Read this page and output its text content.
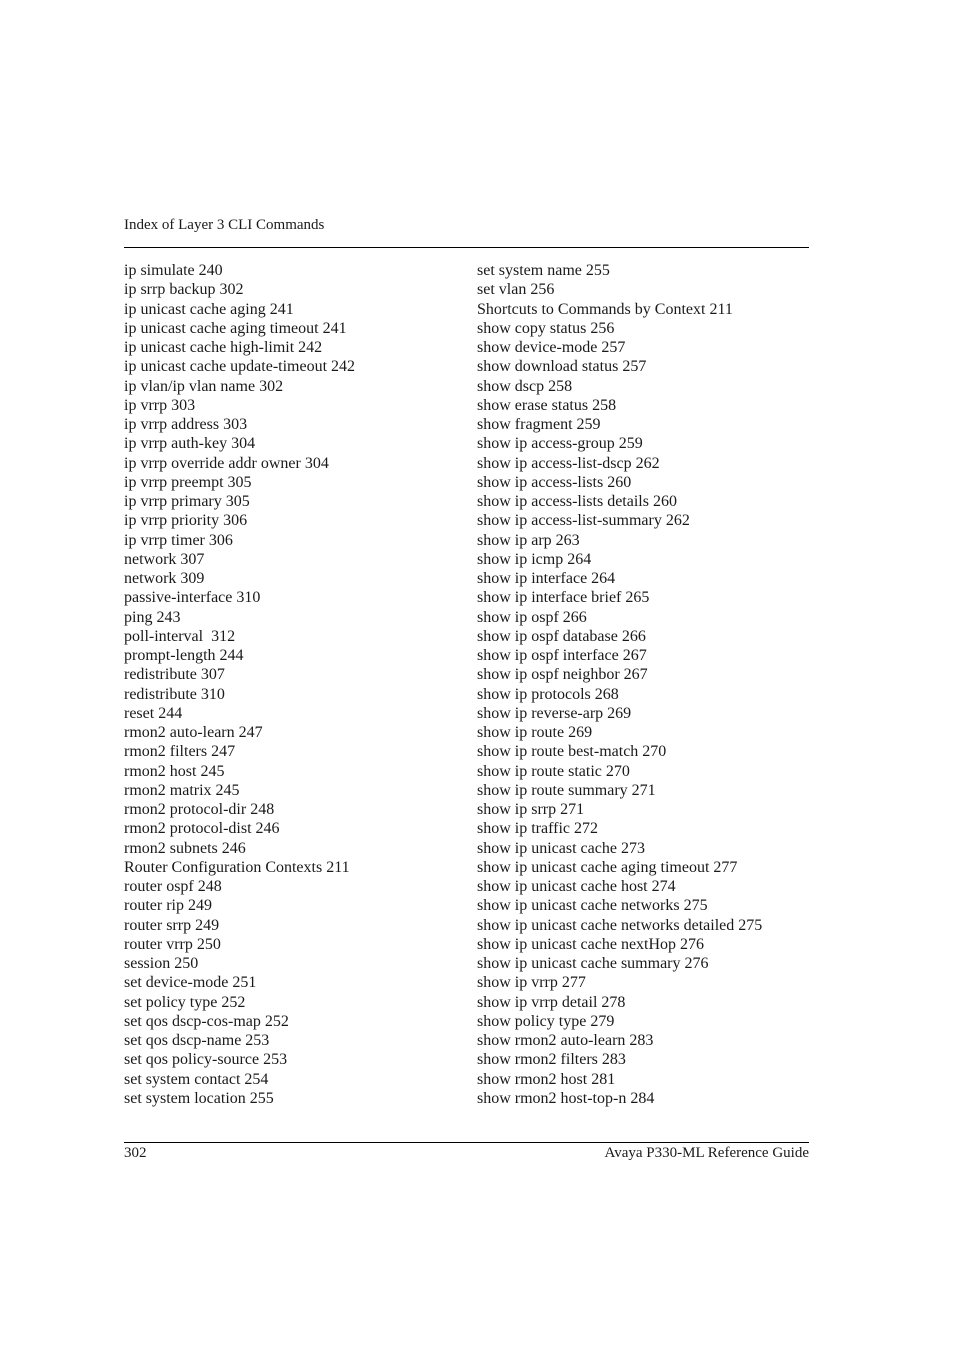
Index of Layer 3 CLI Commands
ip simulate 240
ip srrp backup 302
ip unicast cache aging 241
ip unicast cache aging timeout 241
ip unicast cache high-limit 242
ip unicast cache update-timeout 242
ip vlan/ip vlan name 302
ip vrrp 303
ip vrrp address 303
ip vrrp auth-key 304
ip vrrp override addr owner 304
ip vrrp preempt 305
ip vrrp primary 305
ip vrrp priority 306
ip vrrp timer 306
network 307
network 309
passive-interface 310
ping 243
poll-interval  312
prompt-length 244
redistribute 307
redistribute 310
reset 244
rmon2 auto-learn 247
rmon2 filters 247
rmon2 host 245
rmon2 matrix 245
rmon2 protocol-dir 248
rmon2 protocol-dist 246
rmon2 subnets 246
Router Configuration Contexts 211
router ospf 248
router rip 249
router srrp 249
router vrrp 250
session 250
set device-mode 251
set policy type 252
set qos dscp-cos-map 252
set qos dscp-name 253
set qos policy-source 253
set system contact 254
set system location 255
set system name 255
set vlan 256
Shortcuts to Commands by Context 211
show copy status 256
show device-mode 257
show download status 257
show dscp 258
show erase status 258
show fragment 259
show ip access-group 259
show ip access-list-dscp 262
show ip access-lists 260
show ip access-lists details 260
show ip access-list-summary 262
show ip arp 263
show ip icmp 264
show ip interface 264
show ip interface brief 265
show ip ospf 266
show ip ospf database 266
show ip ospf interface 267
show ip ospf neighbor 267
show ip protocols 268
show ip reverse-arp 269
show ip route 269
show ip route best-match 270
show ip route static 270
show ip route summary 271
show ip srrp 271
show ip traffic 272
show ip unicast cache 273
show ip unicast cache aging timeout 277
show ip unicast cache host 274
show ip unicast cache networks 275
show ip unicast cache networks detailed 275
show ip unicast cache nextHop 276
show ip unicast cache summary 276
show ip vrrp 277
show ip vrrp detail 278
show policy type 279
show rmon2 auto-learn 283
show rmon2 filters 283
show rmon2 host 281
show rmon2 host-top-n 284
302	Avaya P330-ML Reference Guide
